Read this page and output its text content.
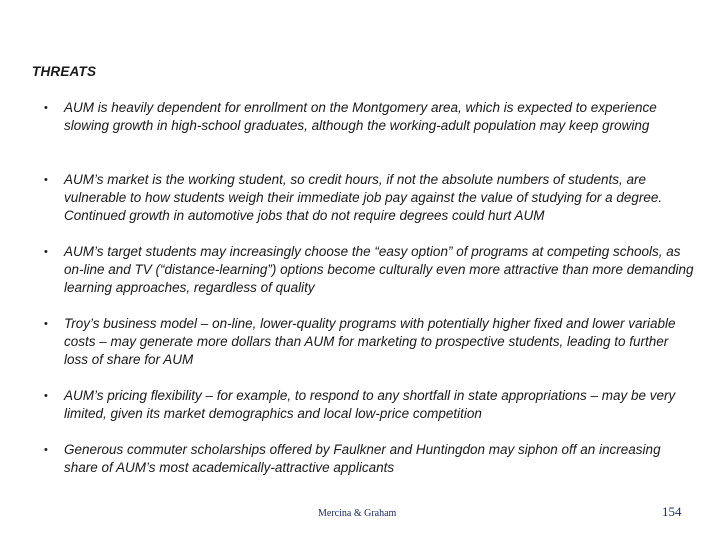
THREATS
•	AUM is heavily dependent for enrollment on the Montgomery area, which is expected to experience slowing growth in high-school graduates, although the working-adult population may keep growing
•	AUM’s market is the working student, so credit hours, if not the absolute numbers of students, are vulnerable to how students weigh their immediate job pay against the value of studying for a degree. Continued growth in automotive jobs that do not require degrees could hurt AUM
•	AUM’s target students may increasingly choose the “easy option” of programs at competing schools, as on-line and TV (“distance-learning”) options become culturally even more attractive than more demanding learning approaches, regardless of quality
•	Troy’s business model – on-line, lower-quality programs with potentially higher fixed and lower variable costs – may generate more dollars than AUM for marketing to prospective students, leading to further loss of share for AUM
•	AUM’s pricing flexibility – for example, to respond to any shortfall in state appropriations – may be very limited, given its market demographics and local low-price competition
•	Generous commuter scholarships offered by Faulkner and Huntingdon may siphon off an increasing share of AUM’s most academically-attractive applicants
Mercina & Graham	154
